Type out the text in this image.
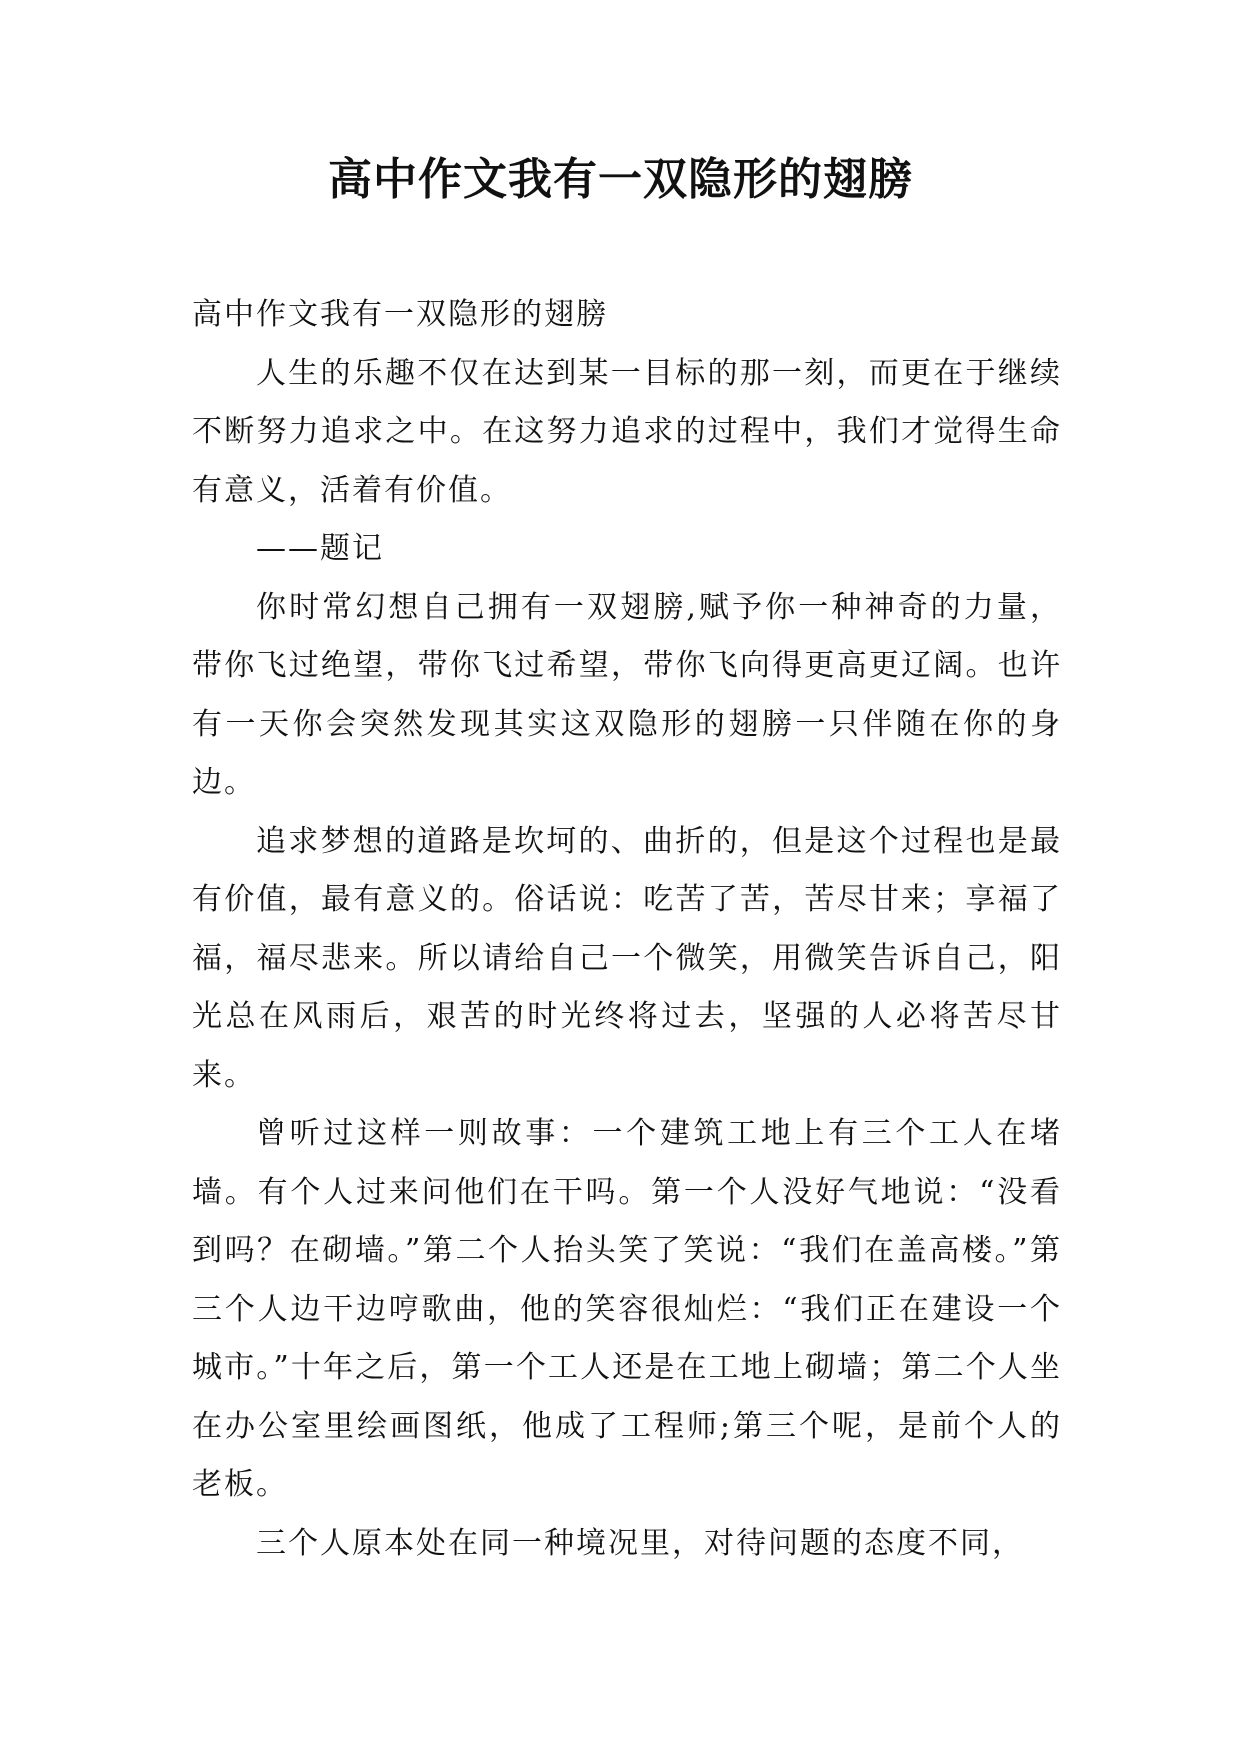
高中作文我有一双隐形的翅膀

高中作文我有一双隐形的翅膀

人生的乐趣不仅在达到某一目标的那一刻，而更在于继续不断努力追求之中。在这努力追求的过程中，我们才觉得生命有意义，活着有价值。

——题记

你时常幻想自己拥有一双翅膀,赋予你一种神奇的力量，带你飞过绝望，带你飞过希望，带你飞向得更高更辽阔。也许有一天你会突然发现其实这双隐形的翅膀一只伴随在你的身边。

追求梦想的道路是坎坷的、曲折的，但是这个过程也是最有价值，最有意义的。俗话说：吃苦了苦，苦尽甘来；享福了福，福尽悲来。所以请给自己一个微笑，用微笑告诉自己，阳光总在风雨后，艰苦的时光终将过去，坚强的人必将苦尽甘来。

曾听过这样一则故事：一个建筑工地上有三个工人在堵墙。有个人过来问他们在干吗。第一个人没好气地说：“没看到吗？在砌墙。”第二个人抬头笑了笑说：“我们在盖高楼。”第三个人边干边哼歌曲，他的笑容很灿烂：“我们正在建设一个城市。”十年之后，第一个工人还是在工地上砌墙；第二个人坐在办公室里绘画图纸，他成了工程师;第三个呢，是前个人的老板。

三个人原本处在同一种境况里，对待问题的态度不同，
